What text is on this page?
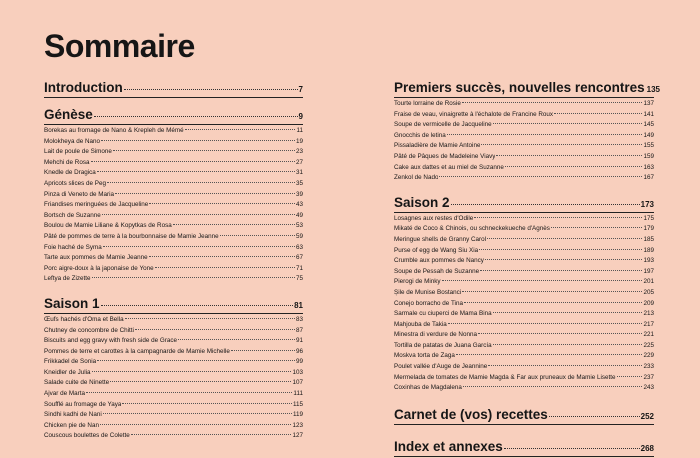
Sommaire
Introduction	7
Génèse	9
Borekas au fromage de Nano & Krepleh de Mémé	11
Molokheya de Nano	19
Lait de poule de Simone	23
Mehchi de Rosa	27
Knedle de Dragica	31
Apricots slices de Peg	35
Pinza di Veneto de Maria	39
Friandises meringuées de Jacqueline	43
Bortsch de Suzanne	49
Boulou de Mamie Liliane & Kopytkas de Rosa	53
Pâté de pommes de terre à la bourbonnaise de Mamie Jeanne	59
Foie haché de Syma	63
Tarte aux pommes de Mamie Jeanne	67
Porc aigre-doux à la japonaise de Yone	71
Leftya de Zizette	75
Saison 1	81
Œufs hachés d'Oma et Bella	83
Chutney de concombre de Chitti	87
Biscuits and egg gravy with fresh side de Grace	91
Pommes de terre et carottes à la campagnarde de Mamie Michelle	96
Frikkadel de Sonia	99
Kneidler de Julia	103
Salade cuite de Ninette	107
Ajvar de Marta	111
Soufflé au fromage de Yaya	115
Sindhi kadhi de Nani	119
Chicken pie de Nan	123
Couscous boulettes de Colette	127
Premiers succès, nouvelles rencontres 135
Tourte lorraine de Rosie	137
Fraise de veau, vinaigrette à l'échalote de Francine Roux	141
Soupe de vermicelle de Jacqueline	145
Gnocchis de letina	149
Pissaladière de Mamie Antoine	155
Pâté de Pâques de Madeleine Viavy	159
Cake aux dattes et au miel de Suzanne	163
Zenkol de Nado	167
Saison 2	173
Losagnes aux restes d'Odile	175
Mikaté de Coco & Chinois, ou schneckekueche d'Agnès	179
Meringue shells de Granny Carol	185
Purse of egg de Wang Siu Xia	189
Crumble aux pommes de Nancy	193
Soupe de Pessah de Suzanne	197
Pierogi de Minky	201
Șile de Munise Bostanci	205
Conejo borracho de Tina	209
Sarmale cu ciuperci de Mama Bina	213
Mahjouba de Takia	217
Minestra di verdure de Nonna	221
Tortilla de patatas de Juana García	225
Moskva torta de Zaga	229
Poulet vallée d'Auge de Jeannine	233
Mermelada de tomates de Mamie Magda & Far aux pruneaux de Mamie Lisette	237
Coxinhas de Magdalena	243
Carnet de (vos) recettes	252
Index et annexes	268
